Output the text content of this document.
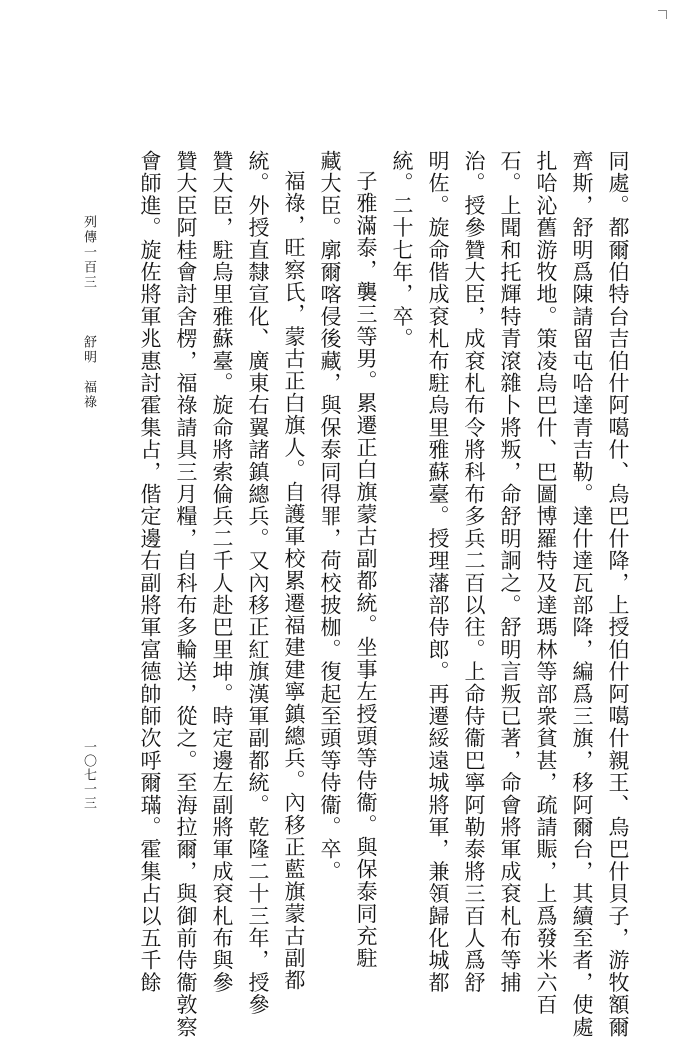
同處。都爾伯特台吉伯什阿噶什、烏巴什降，上授伯什阿噶什親王、烏巴什貝子，游牧額爾
齊斯，舒明爲陳請留屯哈達青吉勒。達什達瓦部降，編爲三旗，移阿爾台，其續至者，使處
扎哈沁舊游牧地。策凌烏巴什、巴圖博羅特及達瑪林等部衆貧甚，疏請賑，上爲發米六百
石。上聞和托輝特青滾雜卜將叛，命舒明詗之。舒明言叛已著，命會將軍成袞札布等捕
治。授參贊大臣，成袞札布令將科布多兵二百以往。上命侍衞巴寧阿勒泰將三百人爲舒
明佐。旋命偕成袞札布駐烏里雅蘇臺。授理藩部侍郎。再遷綏遠城將軍，兼領歸化城都
統。二十七年，卒。
子雅滿泰，襲三等男。累遷正白旗蒙古副都統。坐事左授頭等侍衞。與保泰同充駐
藏大臣。廓爾喀侵後藏，與保泰同得罪，荷校披枷。復起至頭等侍衞。卒。
福祿，旺察氏，蒙古正白旗人。自護軍校累遷福建建寧鎮總兵。內移正藍旗蒙古副都
統。外授直隸宣化、廣東右翼諸鎮總兵。又內移正紅旗漢軍副都統。乾隆二十三年，授參
贊大臣，駐烏里雅蘇臺。旋命將索倫兵二千人赴巴里坤。時定邊左副將軍成袞札布與參
贊大臣阿桂會討舍楞，福祿請具三月糧，自科布多輪送，從之。至海拉爾，與御前侍衞敦察
會師進。旋佐將軍兆惠討霍集占，偕定邊右副將軍富德帥師次呼爾璊。霍集占以五千餘
列傳一百三
舒明　福祿
一〇七一三
